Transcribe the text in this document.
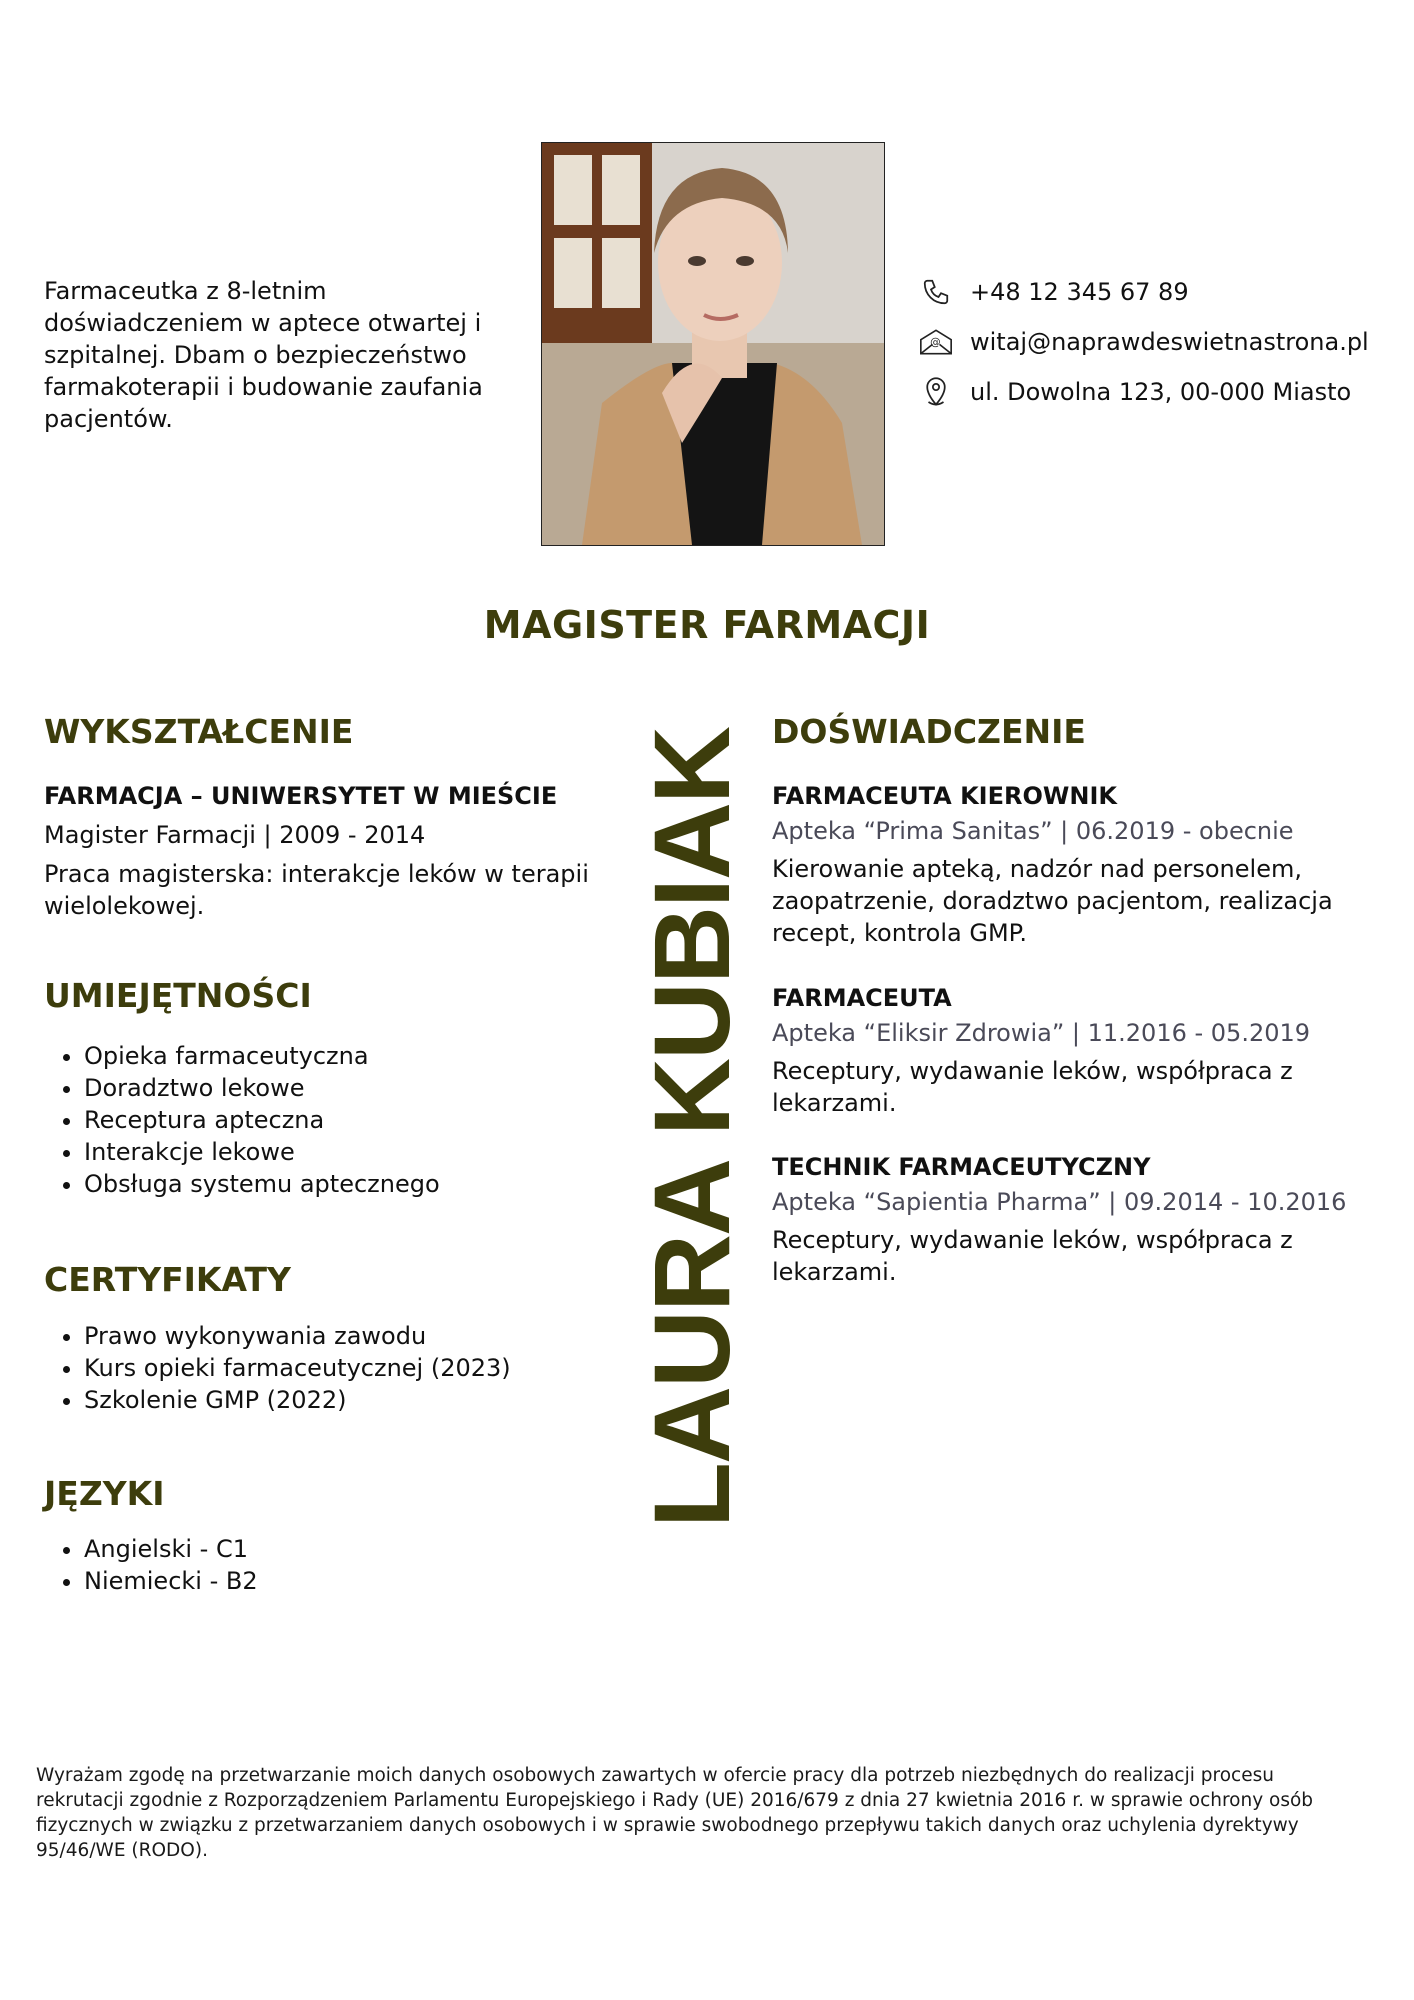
Farmaceutka z 8-letnim doświadczeniem w aptece otwartej i szpitalnej. Dbam o bezpieczeństwo farmakoterapii i budowanie zaufania pacjentów.
+48 12 345 67 89
@ witaj@naprawdeswietnastrona.pl
ul. Dowolna 123, 00-000 Miasto
MAGISTER FARMACJI
LAURA KUBIAK
WYKSZTAŁCENIE
FARMACJA – UNIWERSYTET W MIEŚCIE
Magister Farmacji | 2009 - 2014
Praca magisterska: interakcje leków w terapii wielolekowej.
UMIEJĘTNOŚCI
• Opieka farmaceutyczna
• Doradztwo lekowe
• Receptura apteczna
• Interakcje lekowe
• Obsługa systemu aptecznego
CERTYFIKATY
• Prawo wykonywania zawodu
• Kurs opieki farmaceutycznej (2023)
• Szkolenie GMP (2022)
JĘZYKI
• Angielski - C1
• Niemiecki - B2
DOŚWIADCZENIE
FARMACEUTA KIEROWNIK
Apteka “Prima Sanitas” | 06.2019 - obecnie
Kierowanie apteką, nadzór nad personelem, zaopatrzenie, doradztwo pacjentom, realizacja recept, kontrola GMP.
FARMACEUTA
Apteka “Eliksir Zdrowia” | 11.2016 - 05.2019
Receptury, wydawanie leków, współpraca z lekarzami.
TECHNIK FARMACEUTYCZNY
Apteka “Sapientia Pharma” | 09.2014 - 10.2016
Receptury, wydawanie leków, współpraca z lekarzami.
Wyrażam zgodę na przetwarzanie moich danych osobowych zawartych w ofercie pracy dla potrzeb niezbędnych do realizacji procesu rekrutacji zgodnie z Rozporządzeniem Parlamentu Europejskiego i Rady (UE) 2016/679 z dnia 27 kwietnia 2016 r. w sprawie ochrony osób fizycznych w związku z przetwarzaniem danych osobowych i w sprawie swobodnego przepływu takich danych oraz uchylenia dyrektywy 95/46/WE (RODO).
